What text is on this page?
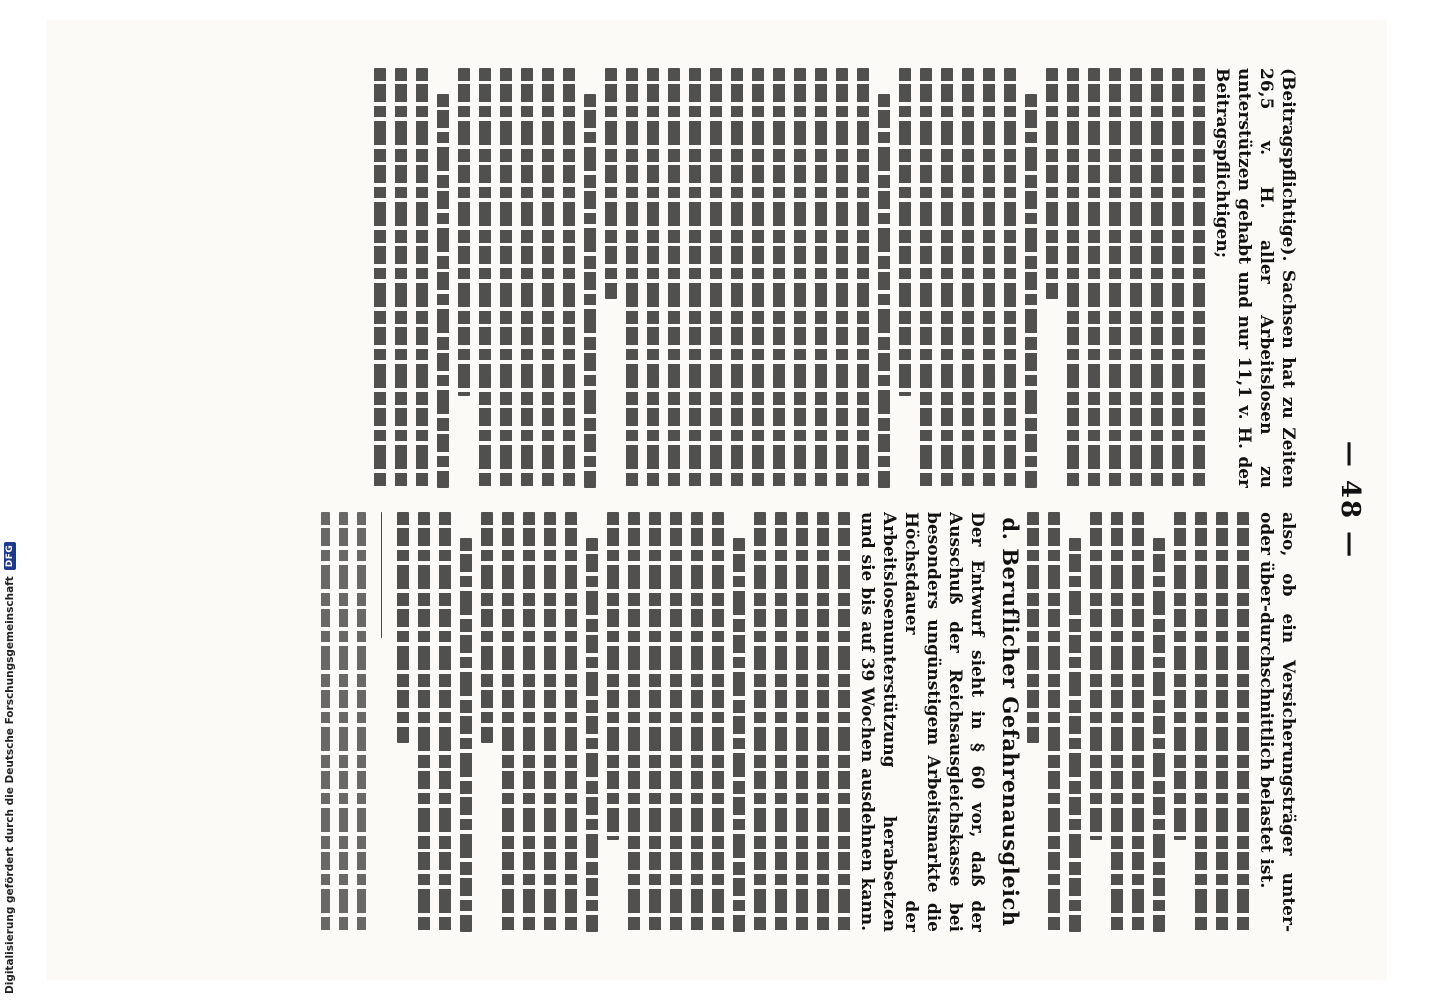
— 48 —

(Beitragspflichtige). Sachsen hat zu Zeiten 26,5 v. H. aller Arbeitslosen zu unterstützen gehabt und nur 11,1 v. H. der Beitragspflichtigen;

also, ob ein Versicherungsträger unter- oder über-durchschnittlich belastet ist.

d. Beruflicher Gefahrenausgleich

Der Entwurf sieht in § 60 vor, daß der Ausschuß der Reichsausgleichskasse bei besonders ungünstigem Arbeitsmarkte die Höchstdauer der Arbeitslosenunterstützung herabsetzen und sie bis auf 39 Wochen ausdehnen kann.

Digitalisierung gefördert durch die Deutsche Forschungsgemeinschaft
DFG
